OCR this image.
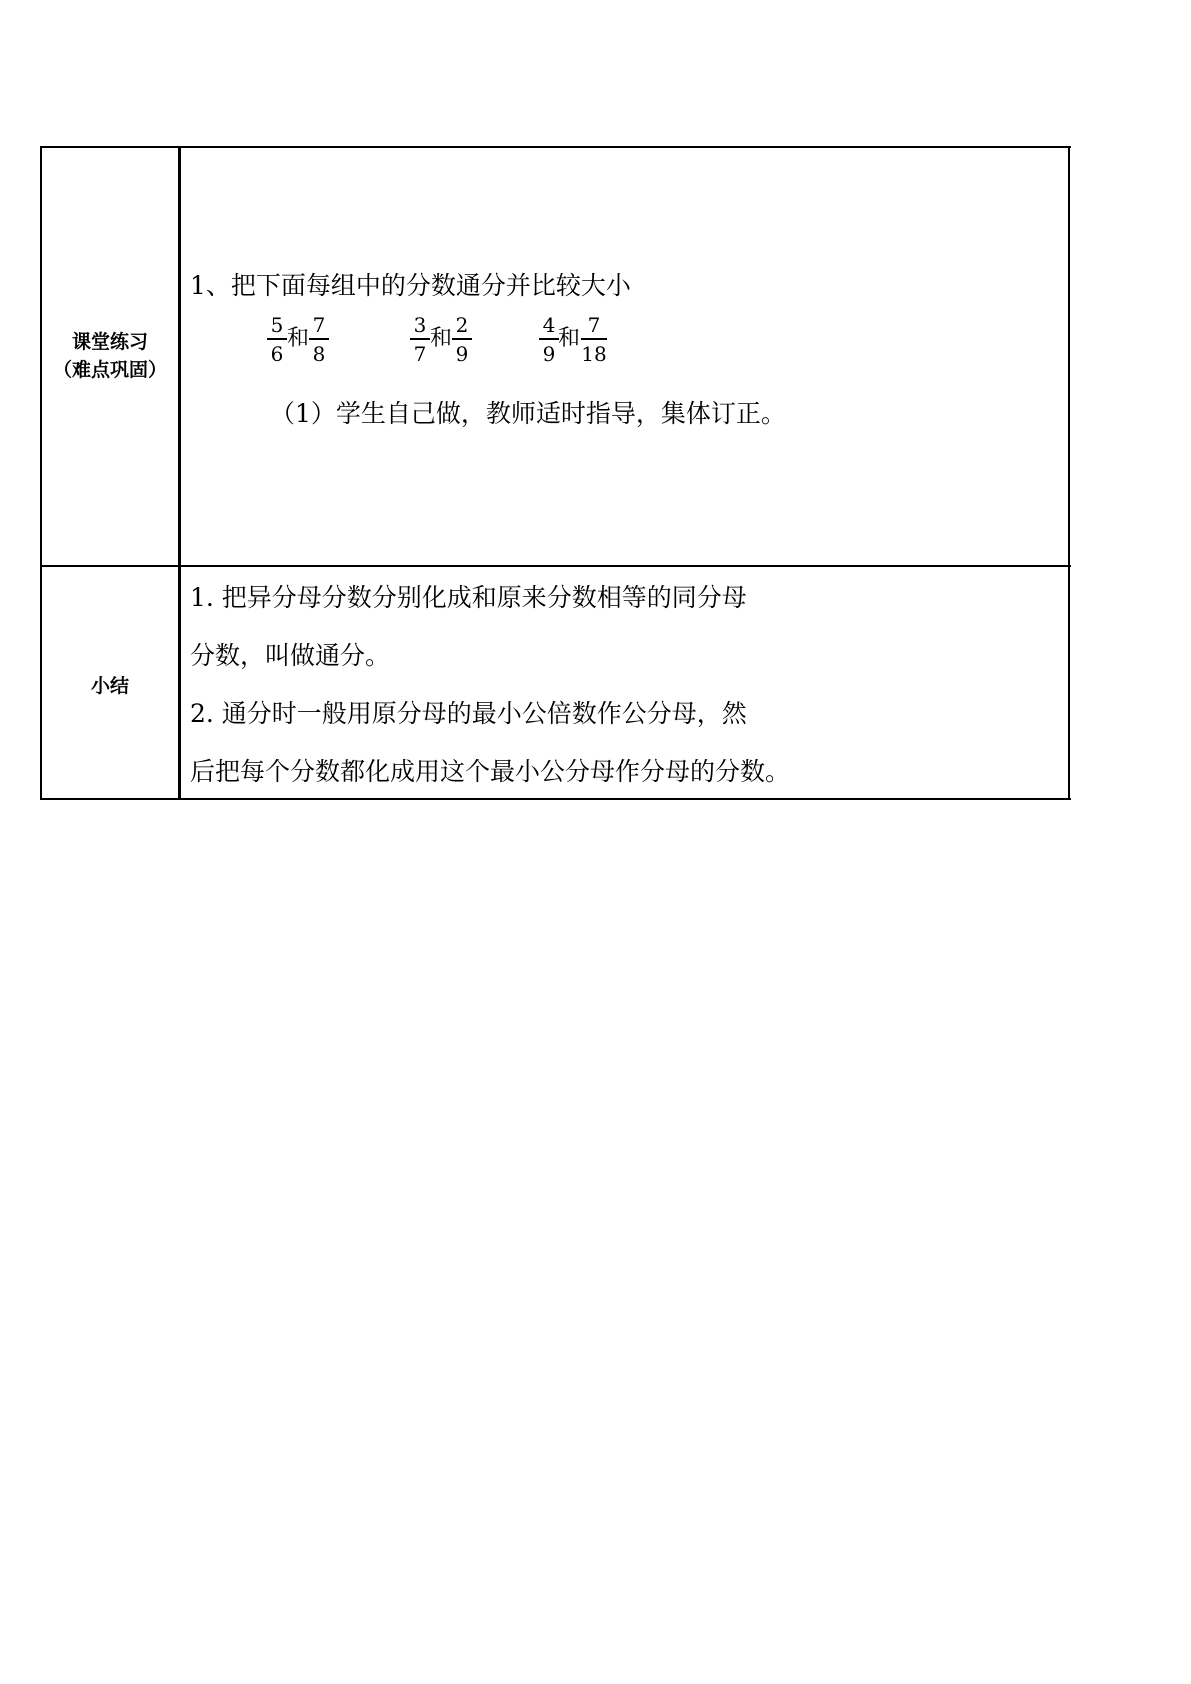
课堂练习
（难点巩固）
1、把下面每组中的分数通分并比较大小
5
6
和
7
8
3
7
和
2
9
4
9
和
7
18
（1）学生自己做，教师适时指导，集体订正。
小结
1. 把异分母分数分别化成和原来分数相等的同分母
分数，叫做通分。
2. 通分时一般用原分母的最小公倍数作公分母，然
后把每个分数都化成用这个最小公分母作分母的分数。
